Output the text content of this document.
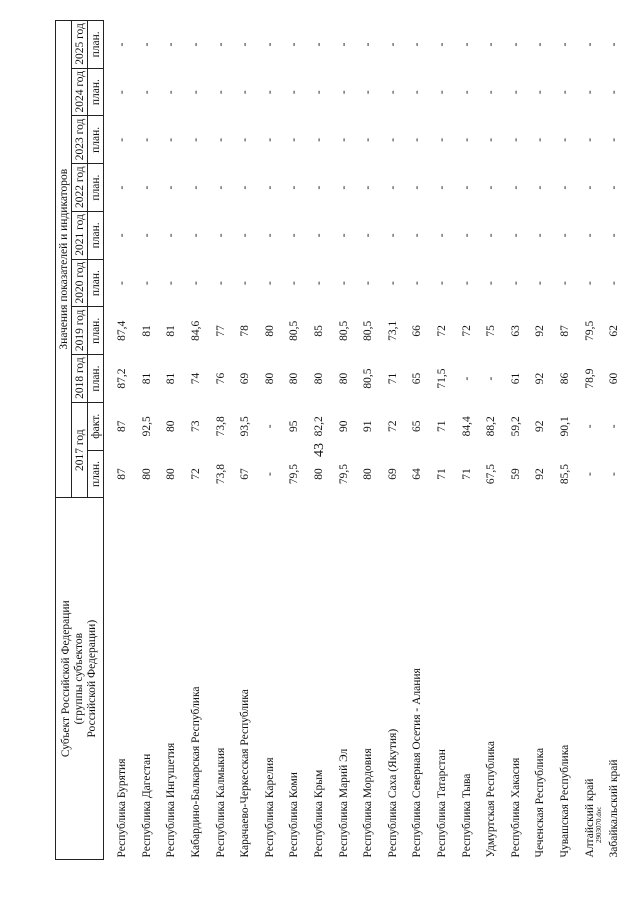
43
Субъект Российской Федерации (группы субъектов Российской Федерации)	Значения показателей и индикаторов									
	2017 год		2018 год	2019 год	2020 год	2021 год	2022 год	2023 год	2024 год	2025 год
	план.	факт.	план.	план.	план.	план.	план.	план.	план.	план.
Республика Бурятия	87	87	87,2	87,4	-	-	-	-	-	-
Республика Дагестан	80	92,5	81	81	-	-	-	-	-	-
Республика Ингушетия	80	80	81	81	-	-	-	-	-	-
Кабардино-Балкарская Республика	72	73	74	84,6	-	-	-	-	-	-
Республика Калмыкия	73,8	73,8	76	77	-	-	-	-	-	-
Карачаево-Черкесская Республика	67	93,5	69	78	-	-	-	-	-	-
Республика Карелия	-	-	80	80	-	-	-	-	-	-
Республика Коми	79,5	95	80	80,5	-	-	-	-	-	-
Республика Крым	80	82,2	80	85	-	-	-	-	-	-
Республика Марий Эл	79,5	90	80	80,5	-	-	-	-	-	-
Республика Мордовия	80	91	80,5	80,5	-	-	-	-	-	-
Республика Саха (Якутия)	69	72	71	73,1	-	-	-	-	-	-
Республика Северная Осетия - Алания	64	65	65	66	-	-	-	-	-	-
Республика Татарстан	71	71	71,5	72	-	-	-	-	-	-
Республика Тыва	71	84,4	-	72	-	-	-	-	-	-
Удмуртская Республика	67,5	88,2	-	75	-	-	-	-	-	-
Республика Хакасия	59	59,2	61	63	-	-	-	-	-	-
Чеченская Республика	92	92	92	92	-	-	-	-	-	-
Чувашская Республика	85,5	90,1	86	87	-	-	-	-	-	-
Алтайский край	-	-	78,9	79,5	-	-	-	-	-	-
Забайкальский край	-	-	60	62	-	-	-	-	-	-
2903070.doc
